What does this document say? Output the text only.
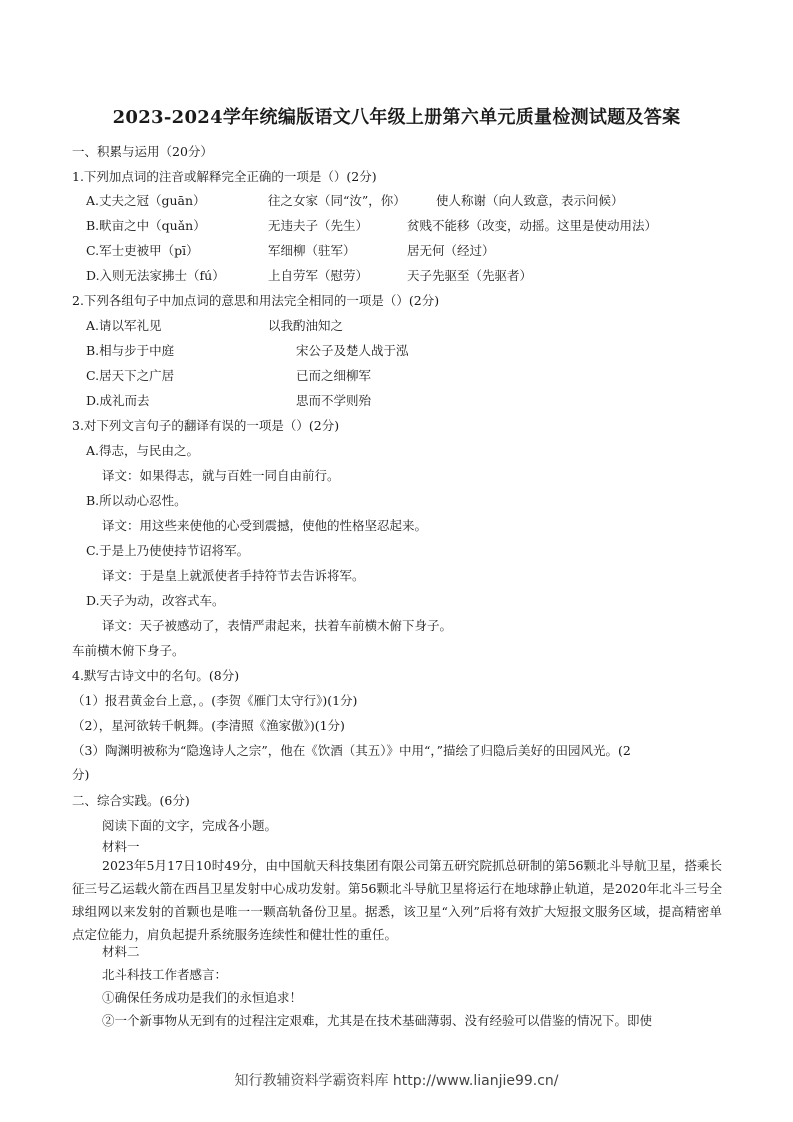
2023-2024学年统编版语文八年级上册第六单元质量检测试题及答案
一、积累与运用（20分）
1.下列加点词的注音或解释完全正确的一项是（）(2分)
A.丈夫之冠（guān）	往之女家（同“汝”，你） 使人称谢（向人致意，表示问候）
B.畎亩之中（quǎn）	无违夫子（先生）	贫贱不能移（改变，动摇。这里是使动用法）
C.军士吏被甲（pī）	军细柳（驻军）	居无何（经过）
D.入则无法家拂士（fú）	上自劳军（慰劳）	天子先驱至（先驱者）
2.下列各组句子中加点词的意思和用法完全相同的一项是（）(2分)
A.请以军礼见	以我酌油知之
B.相与步于中庭	宋公子及楚人战于泓
C.居天下之广居	已而之细柳军
D.成礼而去	思而不学则殆
3.对下列文言句子的翻译有误的一项是（）(2分)
A.得志，与民由之。
译文：如果得志，就与百姓一同自由前行。
B.所以动心忍性。
译文：用这些来使他的心受到震撼，使他的性格坚忍起来。
C.于是上乃使使持节诏将军。
译文：于是皇上就派使者手持符节去告诉将军。
D.天子为动，改容式车。
译文：天子被感动了，表情严肃起来，扶着车前横木俯下身子。
车前横木俯下身子。
4.默写古诗文中的名句。(8分)
（1）报君黄金台上意，。(李贺《雁门太守行》)(1分)
（2），星河欲转千帆舞。(李清照《渔家傲》)(1分)
（3）陶渊明被称为“隐逸诗人之宗”，他在《饮酒（其五）》中用“，”描绘了归隐后美好的田园风光。(2
分)
二、综合实践。(6分)
阅读下面的文字，完成各小题。
材料一
2023年5月17日10时49分，由中国航天科技集团有限公司第五研究院抓总研制的第56颗北斗导航卫星，搭乘长征三号乙运载火箭在西昌卫星发射中心成功发射。第56颗北斗导航卫星将运行在地球静止轨道，是2020年北斗三号全球组网以来发射的首颗也是唯一一颗高轨备份卫星。据悉，该卫星“入列”后将有效扩大短报文服务区域，提高精密单点定位能力，肩负起提升系统服务连续性和健壮性的重任。
材料二
北斗科技工作者感言：
①确保任务成功是我们的永恒追求！
②一个新事物从无到有的过程注定艰难，尤其是在技术基础薄弱、没有经验可以借鉴的情况下。即使
知行教辅资料学霸资料库 http://www.lianjie99.cn/
